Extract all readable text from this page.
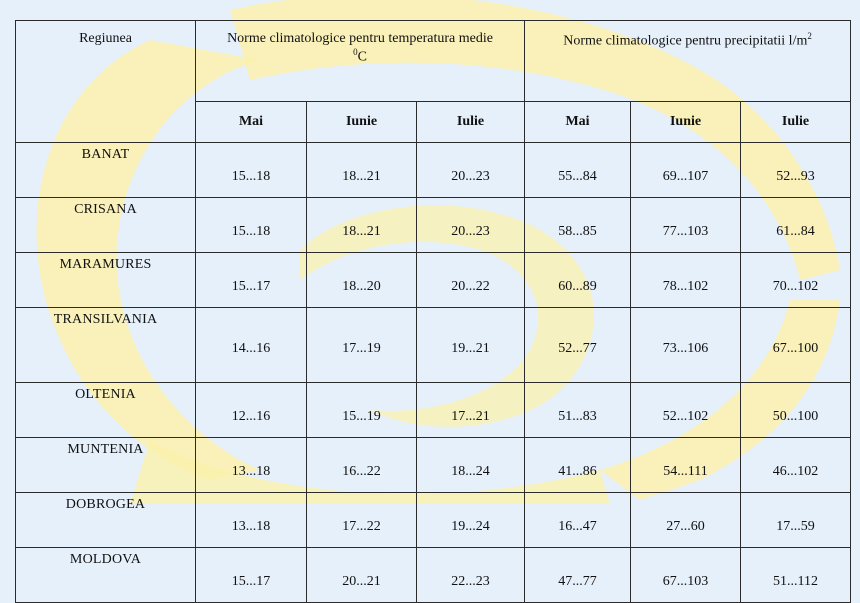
Regiunea	Norme climatologice pentru temperatura medie
$^0$C			Norme climatologice pentru precipitatii $l/m^2$
	Mai	Iunie	Iulie	Mai	Iunie	Iulie
BANAT	15...18	18...21	20...23	55...84	69...107	52...93
CRISANA	15...18	18...21	20...23	58...85	77...103	61...84
MARAMURES	15...17	18...20	20...22	60...89	78...102	70...102
TRANSILVANIA	14...16	17...19	19...21	52...77	73...106	67...100
OLTENIA	12...16	15...19	17...21	51...83	52...102	50...100
MUNTENIA	13...18	16...22	18...24	41...86	54...111	46...102
DOBROGEA	13...18	17...22	19...24	16...47	27...60	17...59
MOLDOVA	15...17	20...21	22...23	47...77	67...103	51...112
